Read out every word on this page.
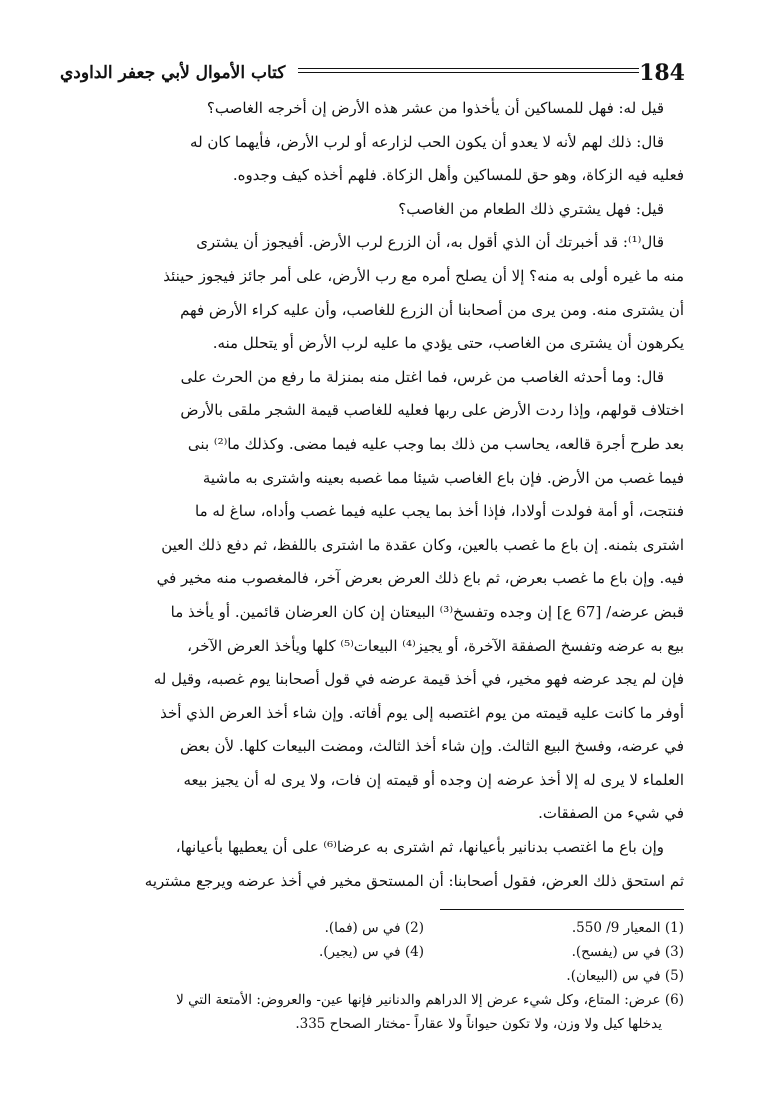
كتاب الأموال لأبي جعفر الداودي	184
قيل له: فهل للمساكين أن يأخذوا من عشر هذه الأرض إن أخرجه الغاصب؟
قال: ذلك لهم لأنه لا يعدو أن يكون الحب لزارعه أو لرب الأرض، فأيهما كان له
فعليه فيه الزكاة، وهو حق للمساكين وأهل الزكاة. فلهم أخذه كيف وجدوه.
قيل: فهل يشتري ذلك الطعام من الغاصب؟
قال⁽¹⁾: قد أخبرتك أن الذي أقول به، أن الزرع لرب الأرض. أفيجوز أن يشترى
منه ما غيره أولى به منه؟ إلا أن يصلح أمره مع رب الأرض، على أمر جائز فيجوز حينئذ
أن يشترى منه. ومن يرى من أصحابنا أن الزرع للغاصب، وأن عليه كراء الأرض فهم
يكرهون أن يشترى من الغاصب، حتى يؤدي ما عليه لرب الأرض أو يتحلل منه.
قال: وما أحدثه الغاصب من غرس، فما اغتل منه بمنزلة ما رفع من الحرث على
اختلاف قولهم، وإذا ردت الأرض على ربها فعليه للغاصب قيمة الشجر ملقى بالأرض
بعد طرح أجرة قالعه، يحاسب من ذلك بما وجب عليه فيما مضى. وكذلك ما⁽²⁾ بنى
فيما غصب من الأرض. فإن باع الغاصب شيئا مما غصبه بعينه واشترى به ماشية
فنتجت، أو أمة فولدت أولادا، فإذا أخذ بما يجب عليه فيما غصب وأداه، ساغ له ما
اشترى بثمنه. إن باع ما غصب بالعين، وكان عقدة ما اشترى باللفظ، ثم دفع ذلك العين
فيه. وإن باع ما غصب بعرض، ثم باع ذلك العرض بعرض آخر، فالمغصوب منه مخير في
قبض عرضه/ [67 ع] إن وجده وتفسخ⁽³⁾ البيعتان إن كان العرضان قائمين. أو يأخذ ما
بيع به عرضه وتفسخ الصفقة الآخرة، أو يجيز⁽⁴⁾ البيعات⁽⁵⁾ كلها ويأخذ العرض الآخر،
فإن لم يجد عرضه فهو مخير، في أخذ قيمة عرضه في قول أصحابنا يوم غصبه، وقيل له
أوفر ما كانت عليه قيمته من يوم اغتصبه إلى يوم أفاته. وإن شاء أخذ العرض الذي أخذ
في عرضه، وفسخ البيع الثالث. وإن شاء أخذ الثالث، ومضت البيعات كلها. لأن بعض
العلماء لا يرى له إلا أخذ عرضه إن وجده أو قيمته إن فات، ولا يرى له أن يجيز بيعه
في شيء من الصفقات.
وإن باع ما اغتصب بدنانير بأعيانها، ثم اشترى به عرضا⁽⁶⁾ على أن يعطيها بأعيانها،
ثم استحق ذلك العرض، فقول أصحابنا: أن المستحق مخير في أخذ عرضه ويرجع مشتريه
(1) المعيار 9/ 550.
(2) في س (فما).
(3) في س (يفسح).
(4) في س (يجير).
(5) في س (البيعان).
(6) عرض: المتاع، وكل شيء عرض إلا الدراهم والدنانير فإنها عين- والعروض: الأمتعة التي لا
يدخلها كيل ولا وزن، ولا تكون حيواناً ولا عقاراً -مختار الصحاح 335.
